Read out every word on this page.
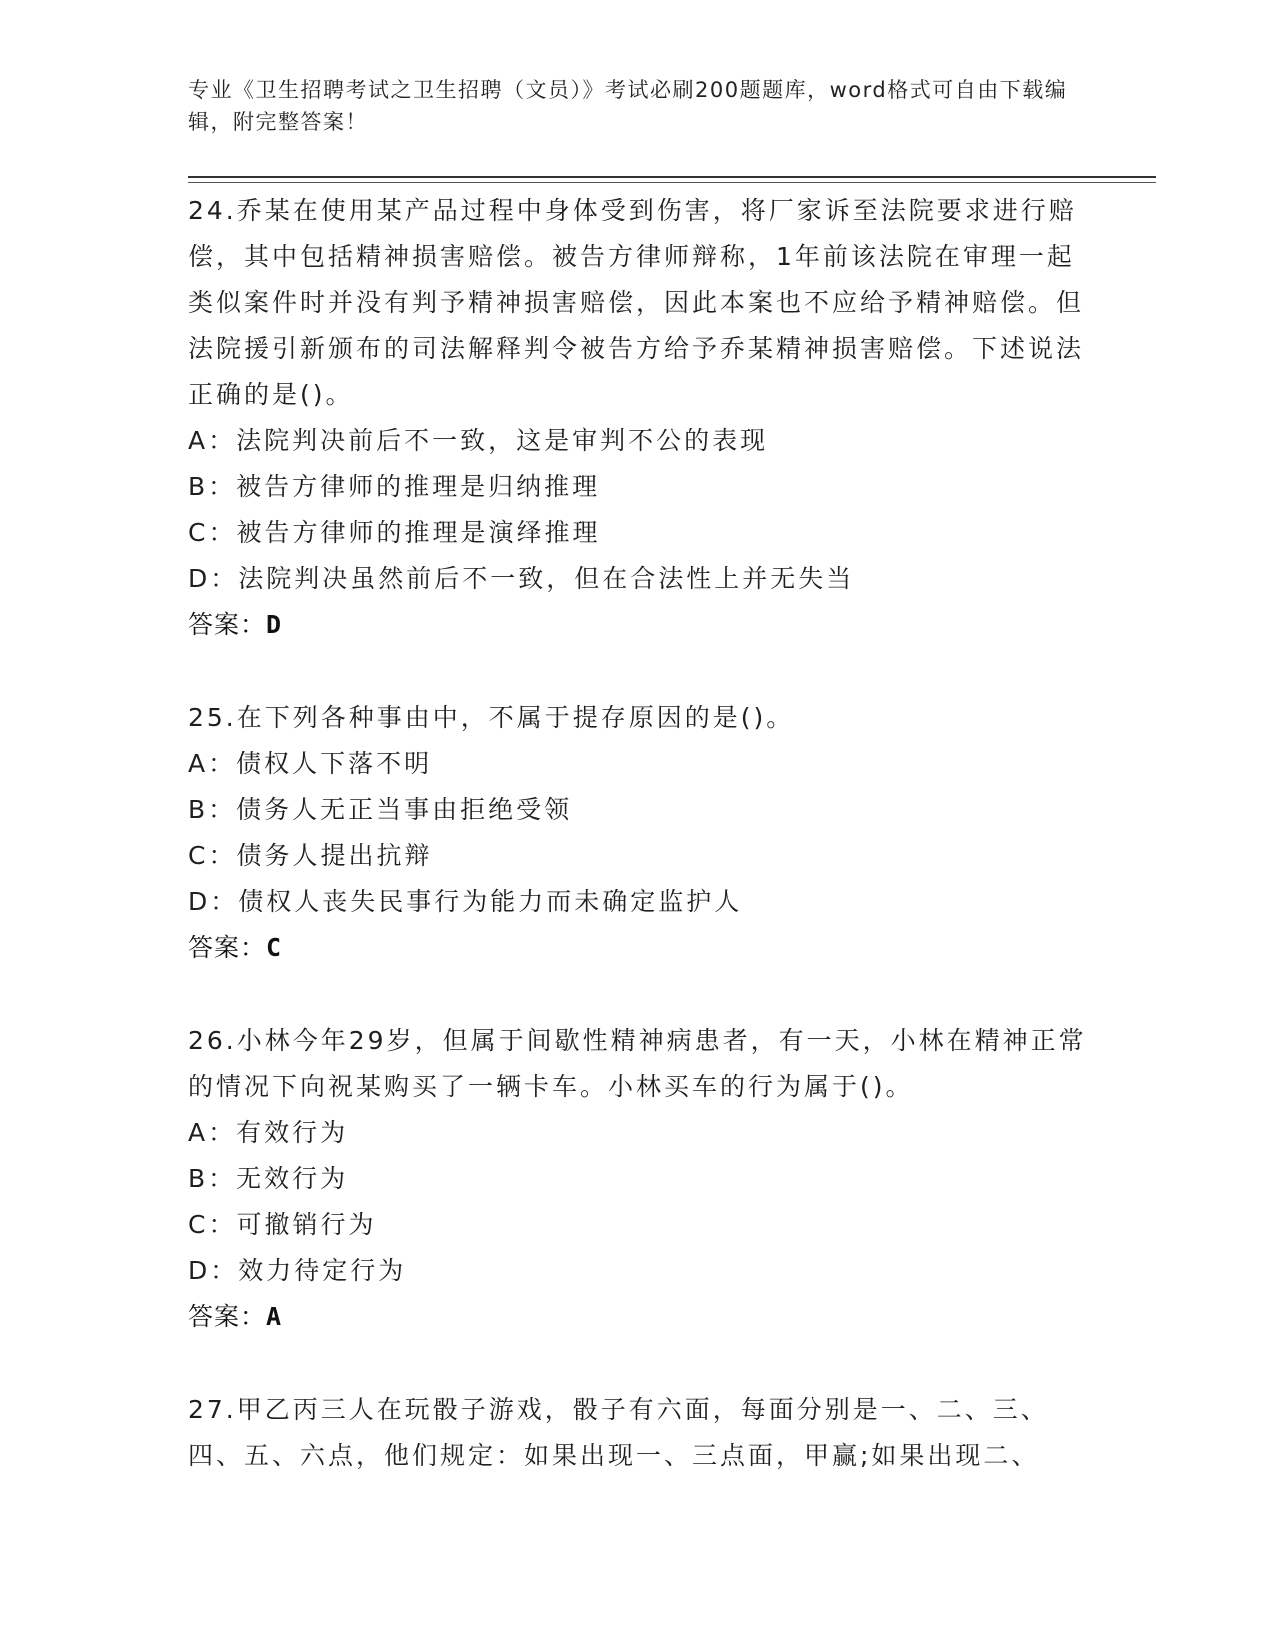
专业《卫生招聘考试之卫生招聘（文员）》考试必刷200题题库，word格式可自由下载编辑，附完整答案！
24.乔某在使用某产品过程中身体受到伤害，将厂家诉至法院要求进行赔偿，其中包括精神损害赔偿。被告方律师辩称，1年前该法院在审理一起类似案件时并没有判予精神损害赔偿，因此本案也不应给予精神赔偿。但法院援引新颁布的司法解释判令被告方给予乔某精神损害赔偿。下述说法正确的是()。
A：法院判决前后不一致，这是审判不公的表现
B：被告方律师的推理是归纳推理
C：被告方律师的推理是演绎推理
D：法院判决虽然前后不一致，但在合法性上并无失当
答案：D
25.在下列各种事由中，不属于提存原因的是()。
A：债权人下落不明
B：债务人无正当事由拒绝受领
C：债务人提出抗辩
D：债权人丧失民事行为能力而未确定监护人
答案：C
26.小林今年29岁，但属于间歇性精神病患者，有一天，小林在精神正常的情况下向祝某购买了一辆卡车。小林买车的行为属于()。
A：有效行为
B：无效行为
C：可撤销行为
D：效力待定行为
答案：A
27.甲乙丙三人在玩骰子游戏，骰子有六面，每面分别是一、二、三、四、五、六点，他们规定：如果出现一、三点面，甲赢;如果出现二、
